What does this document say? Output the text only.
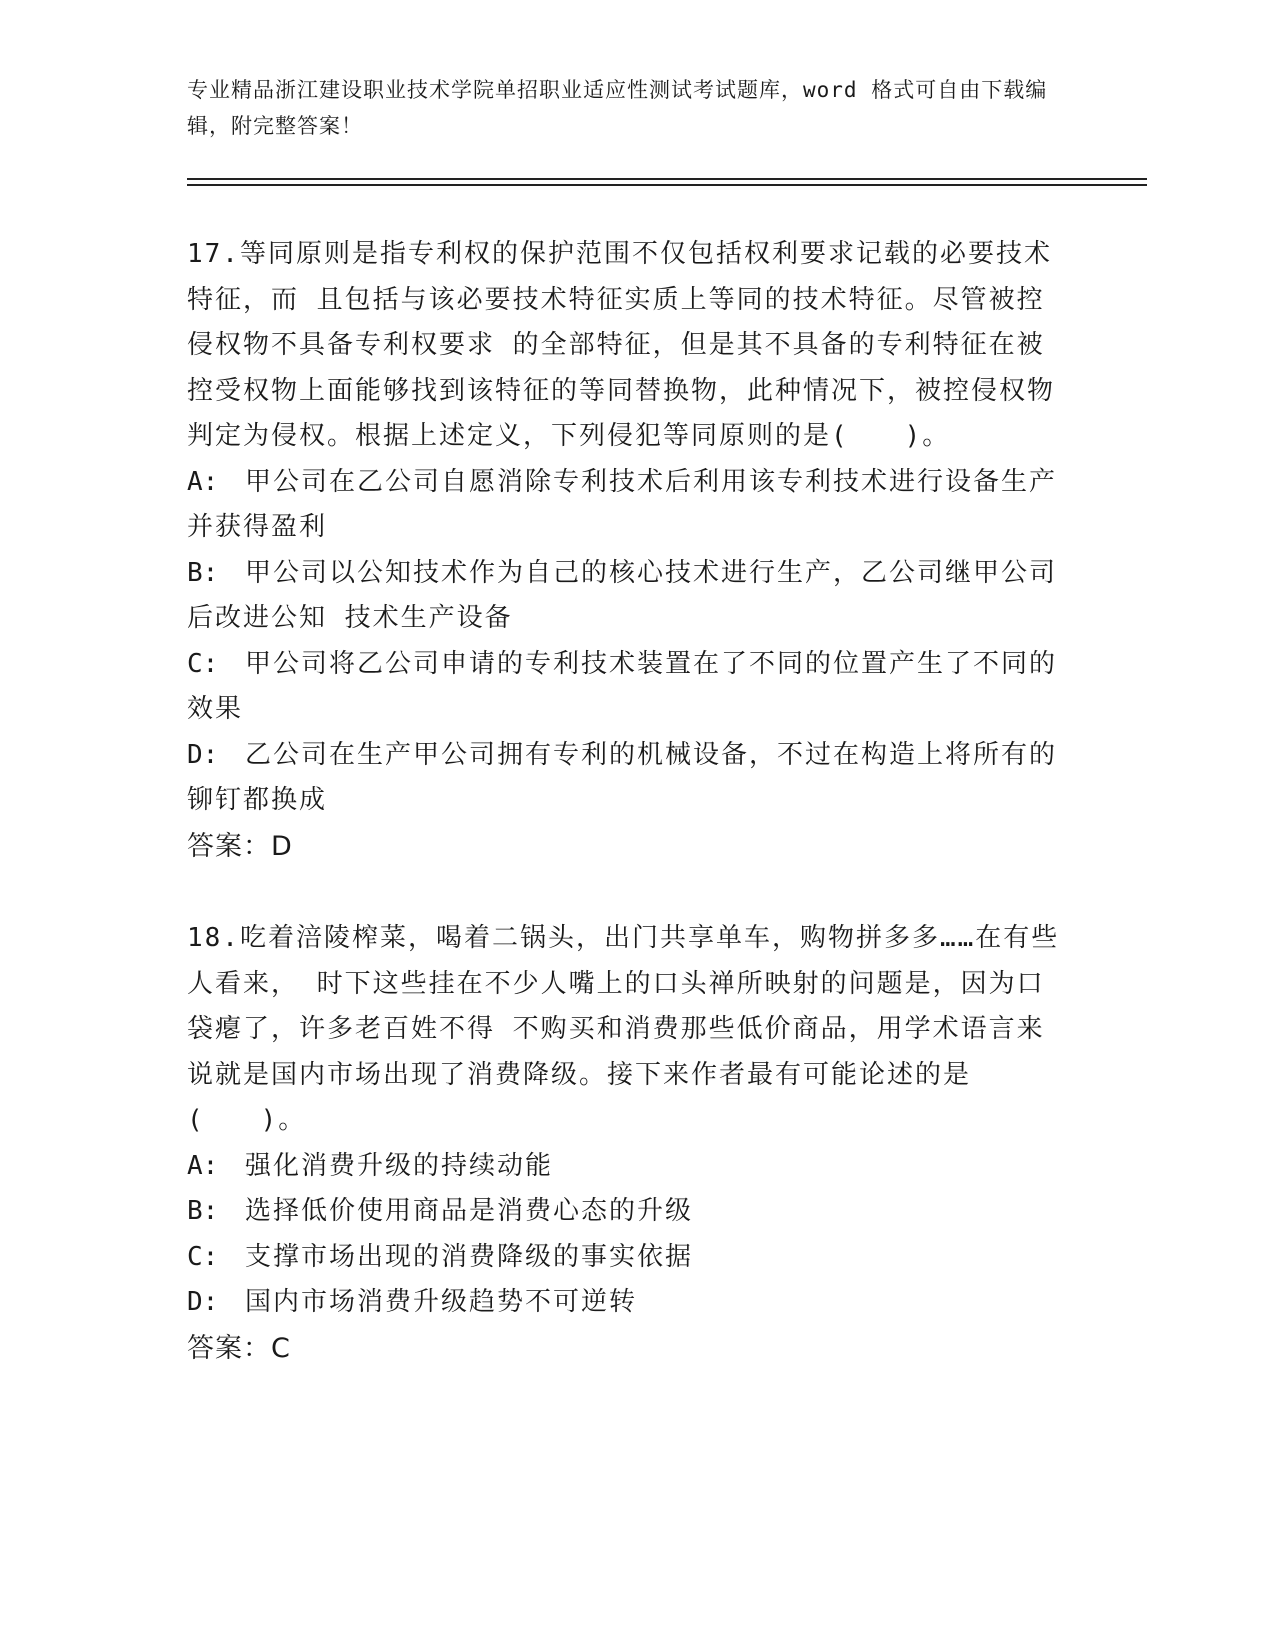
专业精品浙江建设职业技术学院单招职业适应性测试考试题库，word 格式可自由下载编辑，附完整答案！

17.等同原则是指专利权的保护范围不仅包括权利要求记载的必要技术特征，而 且包括与该必要技术特征实质上等同的技术特征。尽管被控侵权物不具备专利权要求 的全部特征，但是其不具备的专利特征在被控受权物上面能够找到该特征的等同替换物，此种情况下，被控侵权物判定为侵权。根据上述定义，下列侵犯等同原则的是(　　)。

A: 甲公司在乙公司自愿消除专利技术后利用该专利技术进行设备生产并获得盈利

B: 甲公司以公知技术作为自己的核心技术进行生产，乙公司继甲公司后改进公知 技术生产设备

C: 甲公司将乙公司申请的专利技术装置在了不同的位置产生了不同的效果

D: 乙公司在生产甲公司拥有专利的机械设备，不过在构造上将所有的铆钉都换成

答案：D

18.吃着涪陵榨菜，喝着二锅头，出门共享单车，购物拼多多……在有些人看来， 时下这些挂在不少人嘴上的口头禅所映射的问题是，因为口袋瘪了，许多老百姓不得 不购买和消费那些低价商品，用学术语言来说就是国内市场出现了消费降级。接下来作者最有可能论述的是(　　)。

A:	强化消费升级的持续动能

B:	选择低价使用商品是消费心态的升级

C:	支撑市场出现的消费降级的事实依据

D:	国内市场消费升级趋势不可逆转

答案：C
